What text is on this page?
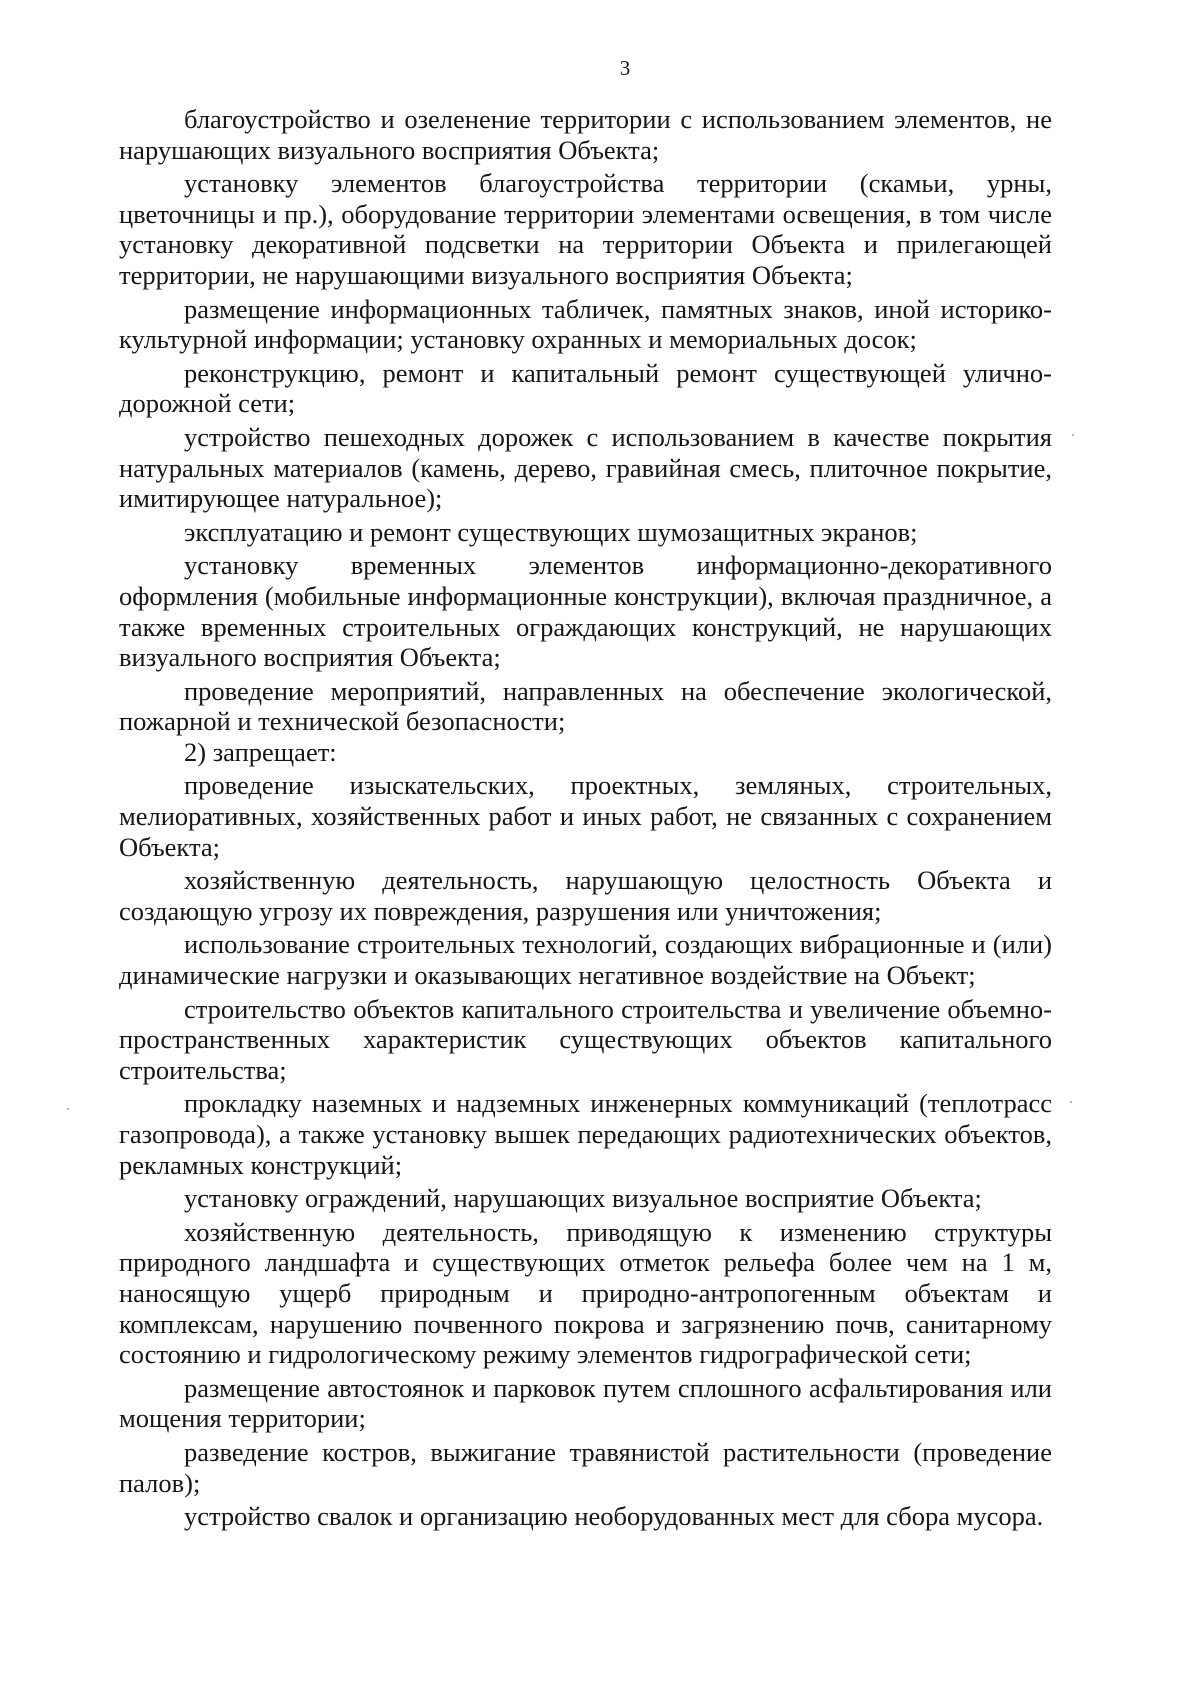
3

благоустройство и озеленение территории с использованием элементов, не нарушающих визуального восприятия Объекта;

установку элементов благоустройства территории (скамьи, урны, цветочницы и пр.), оборудование территории элементами освещения, в том числе установку декоративной подсветки на территории Объекта и прилегающей территории, не нарушающими визуального восприятия Объекта;

размещение информационных табличек, памятных знаков, иной историко-культурной информации; установку охранных и мемориальных досок;

реконструкцию, ремонт и капитальный ремонт существующей улично-дорожной сети;

устройство пешеходных дорожек с использованием в качестве покрытия натуральных материалов (камень, дерево, гравийная смесь, плиточное покрытие, имитирующее натуральное);

эксплуатацию и ремонт существующих шумозащитных экранов;

установку временных элементов информационно-декоративного оформления (мобильные информационные конструкции), включая праздничное, а также временных строительных ограждающих конструкций, не нарушающих визуального восприятия Объекта;

проведение мероприятий, направленных на обеспечение экологической, пожарной и технической безопасности;

2) запрещает:

проведение изыскательских, проектных, земляных, строительных, мелиоративных, хозяйственных работ и иных работ, не связанных с сохранением Объекта;

хозяйственную деятельность, нарушающую целостность Объекта и создающую угрозу их повреждения, разрушения или уничтожения;

использование строительных технологий, создающих вибрационные и (или) динамические нагрузки и оказывающих негативное воздействие на Объект;

строительство объектов капитального строительства и увеличение объемно-пространственных характеристик существующих объектов капитального строительства;

прокладку наземных и надземных инженерных коммуникаций (теплотрасс газопровода), а также установку вышек передающих радиотехнических объектов, рекламных конструкций;

установку ограждений, нарушающих визуальное восприятие Объекта;

хозяйственную деятельность, приводящую к изменению структуры природного ландшафта и существующих отметок рельефа более чем на 1 м, наносящую ущерб природным и природно-антропогенным объектам и комплексам, нарушению почвенного покрова и загрязнению почв, санитарному состоянию и гидрологическому режиму элементов гидрографической сети;

размещение автостоянок и парковок путем сплошного асфальтирования или мощения территории;

разведение костров, выжигание травянистой растительности (проведение палов);

устройство свалок и организацию необорудованных мест для сбора мусора.
